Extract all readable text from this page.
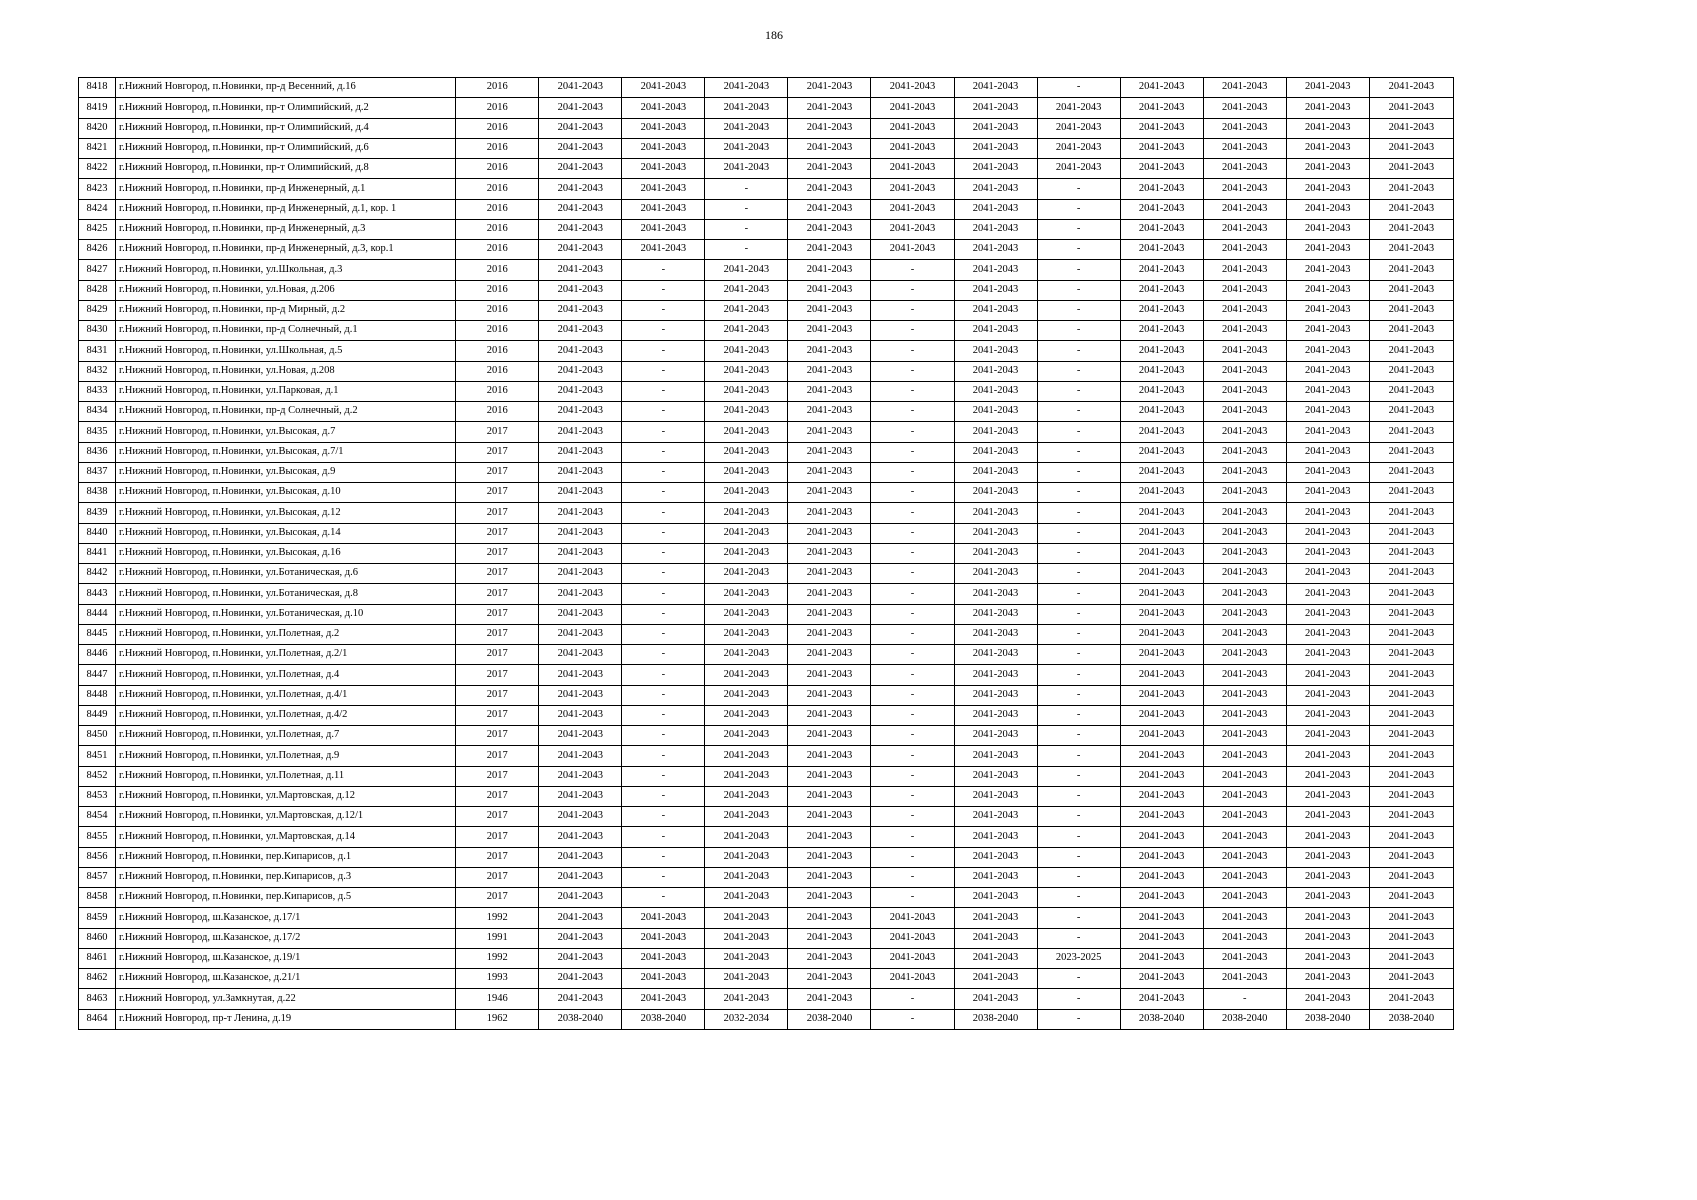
186
8418	г.Нижний Новгород, п.Новинки, пр-д Весенний, д.16	2016	2041-2043	2041-2043	2041-2043	2041-2043	2041-2043	2041-2043	-	2041-2043	2041-2043	2041-2043	2041-2043
8419	г.Нижний Новгород, п.Новинки, пр-т Олимпийский, д.2	2016	2041-2043	2041-2043	2041-2043	2041-2043	2041-2043	2041-2043	2041-2043	2041-2043	2041-2043	2041-2043	2041-2043
8420	г.Нижний Новгород, п.Новинки, пр-т Олимпийский, д.4	2016	2041-2043	2041-2043	2041-2043	2041-2043	2041-2043	2041-2043	2041-2043	2041-2043	2041-2043	2041-2043	2041-2043
8421	г.Нижний Новгород, п.Новинки, пр-т Олимпийский, д.6	2016	2041-2043	2041-2043	2041-2043	2041-2043	2041-2043	2041-2043	2041-2043	2041-2043	2041-2043	2041-2043	2041-2043
8422	г.Нижний Новгород, п.Новинки, пр-т Олимпийский, д.8	2016	2041-2043	2041-2043	2041-2043	2041-2043	2041-2043	2041-2043	2041-2043	2041-2043	2041-2043	2041-2043	2041-2043
8423	г.Нижний Новгород, п.Новинки, пр-д Инженерный, д.1	2016	2041-2043	2041-2043	-	2041-2043	2041-2043	2041-2043	-	2041-2043	2041-2043	2041-2043	2041-2043
8424	г.Нижний Новгород, п.Новинки, пр-д Инженерный, д.1, кор. 1	2016	2041-2043	2041-2043	-	2041-2043	2041-2043	2041-2043	-	2041-2043	2041-2043	2041-2043	2041-2043
8425	г.Нижний Новгород, п.Новинки, пр-д Инженерный, д.3	2016	2041-2043	2041-2043	-	2041-2043	2041-2043	2041-2043	-	2041-2043	2041-2043	2041-2043	2041-2043
8426	г.Нижний Новгород, п.Новинки, пр-д Инженерный, д.3, кор.1	2016	2041-2043	2041-2043	-	2041-2043	2041-2043	2041-2043	-	2041-2043	2041-2043	2041-2043	2041-2043
8427	г.Нижний Новгород, п.Новинки, ул.Школьная, д.3	2016	2041-2043	-	2041-2043	2041-2043	-	2041-2043	-	2041-2043	2041-2043	2041-2043	2041-2043
8428	г.Нижний Новгород, п.Новинки, ул.Новая, д.206	2016	2041-2043	-	2041-2043	2041-2043	-	2041-2043	-	2041-2043	2041-2043	2041-2043	2041-2043
8429	г.Нижний Новгород, п.Новинки, пр-д Мирный, д.2	2016	2041-2043	-	2041-2043	2041-2043	-	2041-2043	-	2041-2043	2041-2043	2041-2043	2041-2043
8430	г.Нижний Новгород, п.Новинки, пр-д Солнечный, д.1	2016	2041-2043	-	2041-2043	2041-2043	-	2041-2043	-	2041-2043	2041-2043	2041-2043	2041-2043
8431	г.Нижний Новгород, п.Новинки, ул.Школьная, д.5	2016	2041-2043	-	2041-2043	2041-2043	-	2041-2043	-	2041-2043	2041-2043	2041-2043	2041-2043
8432	г.Нижний Новгород, п.Новинки, ул.Новая, д.208	2016	2041-2043	-	2041-2043	2041-2043	-	2041-2043	-	2041-2043	2041-2043	2041-2043	2041-2043
8433	г.Нижний Новгород, п.Новинки, ул.Парковая, д.1	2016	2041-2043	-	2041-2043	2041-2043	-	2041-2043	-	2041-2043	2041-2043	2041-2043	2041-2043
8434	г.Нижний Новгород, п.Новинки, пр-д Солнечный, д.2	2016	2041-2043	-	2041-2043	2041-2043	-	2041-2043	-	2041-2043	2041-2043	2041-2043	2041-2043
8435	г.Нижний Новгород, п.Новинки, ул.Высокая, д.7	2017	2041-2043	-	2041-2043	2041-2043	-	2041-2043	-	2041-2043	2041-2043	2041-2043	2041-2043
8436	г.Нижний Новгород, п.Новинки, ул.Высокая, д.7/1	2017	2041-2043	-	2041-2043	2041-2043	-	2041-2043	-	2041-2043	2041-2043	2041-2043	2041-2043
8437	г.Нижний Новгород, п.Новинки, ул.Высокая, д.9	2017	2041-2043	-	2041-2043	2041-2043	-	2041-2043	-	2041-2043	2041-2043	2041-2043	2041-2043
8438	г.Нижний Новгород, п.Новинки, ул.Высокая, д.10	2017	2041-2043	-	2041-2043	2041-2043	-	2041-2043	-	2041-2043	2041-2043	2041-2043	2041-2043
8439	г.Нижний Новгород, п.Новинки, ул.Высокая, д.12	2017	2041-2043	-	2041-2043	2041-2043	-	2041-2043	-	2041-2043	2041-2043	2041-2043	2041-2043
8440	г.Нижний Новгород, п.Новинки, ул.Высокая, д.14	2017	2041-2043	-	2041-2043	2041-2043	-	2041-2043	-	2041-2043	2041-2043	2041-2043	2041-2043
8441	г.Нижний Новгород, п.Новинки, ул.Высокая, д.16	2017	2041-2043	-	2041-2043	2041-2043	-	2041-2043	-	2041-2043	2041-2043	2041-2043	2041-2043
8442	г.Нижний Новгород, п.Новинки, ул.Ботаническая, д.6	2017	2041-2043	-	2041-2043	2041-2043	-	2041-2043	-	2041-2043	2041-2043	2041-2043	2041-2043
8443	г.Нижний Новгород, п.Новинки, ул.Ботаническая, д.8	2017	2041-2043	-	2041-2043	2041-2043	-	2041-2043	-	2041-2043	2041-2043	2041-2043	2041-2043
8444	г.Нижний Новгород, п.Новинки, ул.Ботаническая, д.10	2017	2041-2043	-	2041-2043	2041-2043	-	2041-2043	-	2041-2043	2041-2043	2041-2043	2041-2043
8445	г.Нижний Новгород, п.Новинки, ул.Полетная, д.2	2017	2041-2043	-	2041-2043	2041-2043	-	2041-2043	-	2041-2043	2041-2043	2041-2043	2041-2043
8446	г.Нижний Новгород, п.Новинки, ул.Полетная, д.2/1	2017	2041-2043	-	2041-2043	2041-2043	-	2041-2043	-	2041-2043	2041-2043	2041-2043	2041-2043
8447	г.Нижний Новгород, п.Новинки, ул.Полетная, д.4	2017	2041-2043	-	2041-2043	2041-2043	-	2041-2043	-	2041-2043	2041-2043	2041-2043	2041-2043
8448	г.Нижний Новгород, п.Новинки, ул.Полетная, д.4/1	2017	2041-2043	-	2041-2043	2041-2043	-	2041-2043	-	2041-2043	2041-2043	2041-2043	2041-2043
8449	г.Нижний Новгород, п.Новинки, ул.Полетная, д.4/2	2017	2041-2043	-	2041-2043	2041-2043	-	2041-2043	-	2041-2043	2041-2043	2041-2043	2041-2043
8450	г.Нижний Новгород, п.Новинки, ул.Полетная, д.7	2017	2041-2043	-	2041-2043	2041-2043	-	2041-2043	-	2041-2043	2041-2043	2041-2043	2041-2043
8451	г.Нижний Новгород, п.Новинки, ул.Полетная, д.9	2017	2041-2043	-	2041-2043	2041-2043	-	2041-2043	-	2041-2043	2041-2043	2041-2043	2041-2043
8452	г.Нижний Новгород, п.Новинки, ул.Полетная, д.11	2017	2041-2043	-	2041-2043	2041-2043	-	2041-2043	-	2041-2043	2041-2043	2041-2043	2041-2043
8453	г.Нижний Новгород, п.Новинки, ул.Мартовская, д.12	2017	2041-2043	-	2041-2043	2041-2043	-	2041-2043	-	2041-2043	2041-2043	2041-2043	2041-2043
8454	г.Нижний Новгород, п.Новинки, ул.Мартовская, д.12/1	2017	2041-2043	-	2041-2043	2041-2043	-	2041-2043	-	2041-2043	2041-2043	2041-2043	2041-2043
8455	г.Нижний Новгород, п.Новинки, ул.Мартовская, д.14	2017	2041-2043	-	2041-2043	2041-2043	-	2041-2043	-	2041-2043	2041-2043	2041-2043	2041-2043
8456	г.Нижний Новгород, п.Новинки, пер.Кипарисов, д.1	2017	2041-2043	-	2041-2043	2041-2043	-	2041-2043	-	2041-2043	2041-2043	2041-2043	2041-2043
8457	г.Нижний Новгород, п.Новинки, пер.Кипарисов, д.3	2017	2041-2043	-	2041-2043	2041-2043	-	2041-2043	-	2041-2043	2041-2043	2041-2043	2041-2043
8458	г.Нижний Новгород, п.Новинки, пер.Кипарисов, д.5	2017	2041-2043	-	2041-2043	2041-2043	-	2041-2043	-	2041-2043	2041-2043	2041-2043	2041-2043
8459	г.Нижний Новгород, ш.Казанское, д.17/1	1992	2041-2043	2041-2043	2041-2043	2041-2043	2041-2043	2041-2043	-	2041-2043	2041-2043	2041-2043	2041-2043
8460	г.Нижний Новгород, ш.Казанское, д.17/2	1991	2041-2043	2041-2043	2041-2043	2041-2043	2041-2043	2041-2043	-	2041-2043	2041-2043	2041-2043	2041-2043
8461	г.Нижний Новгород, ш.Казанское, д.19/1	1992	2041-2043	2041-2043	2041-2043	2041-2043	2041-2043	2041-2043	2023-2025	2041-2043	2041-2043	2041-2043	2041-2043
8462	г.Нижний Новгород, ш.Казанское, д.21/1	1993	2041-2043	2041-2043	2041-2043	2041-2043	2041-2043	2041-2043	-	2041-2043	2041-2043	2041-2043	2041-2043
8463	г.Нижний Новгород, ул.Замкнутая, д.22	1946	2041-2043	2041-2043	2041-2043	2041-2043	-	2041-2043	-	2041-2043	-	2041-2043	2041-2043
8464	г.Нижний Новгород, пр-т Ленина, д.19	1962	2038-2040	2038-2040	2032-2034	2038-2040	-	2038-2040	-	2038-2040	2038-2040	2038-2040	2038-2040
